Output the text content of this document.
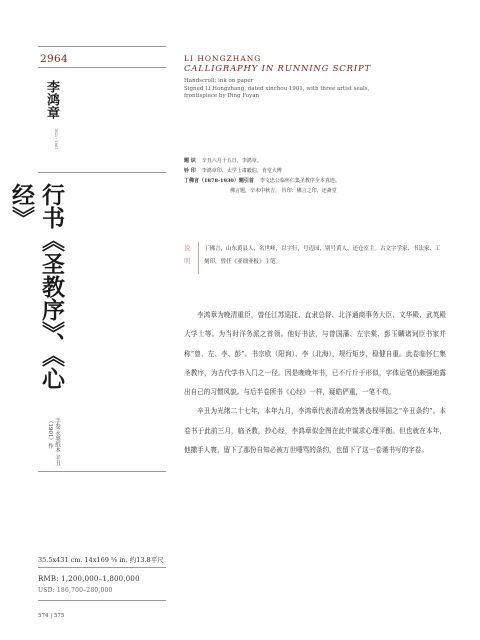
2964
李鸿章
1823 - 1901
行书《圣教序》、《心经》
手卷 水墨纸本 辛丑（1901）作
35.5x431 cm. 14x169 ⅝ in. 约13.8平尺
RMB: 1,200,000–1,800,000
USD: 186,700–280,000
574 | 575
LI HONGZHANG
CALLIGRAPHY IN RUNNING SCRIPT
Handscroll; ink on paper
Signed Li Hongzhang, dated xinchou 1901, with three artist seals,
frontispiece by Ding Foyan
题 识 辛丑六月十五日，李鸿章。
钤 印 李鸿章印、太学士肃毅伯、肯堂大傅
丁佛言（1878-1930）题引首 李文忠公临怀仁集圣教序全本真迹。
佛言题，辛未中秋吉。 钤印：佛言之印、还斋堂
说明
丁佛言，山东黄县人，名世峄，以字行，号迈园、别号黄人、还仓室主。古文字学家、书法家、工刻印，曾任《亚细亚报》主笔。

李鸿章为晚清重臣，曾任江苏巡抚、直隶总督、北洋通商事务大臣、文华殿、武英殿大学士等。为当时洋务派之首领。他好书法，与曾国藩、左宗棠、彭玉麟诸词臣书家并称“曾、左、李、彭”。书宗欧（阳询）、李（北海），规行矩步，稳健自重。此卷临怀仁集圣教序，为古代学书入门之一径。因是晚晚年书，已不斤斤于形似，字体运笔仍颇强地露出自己的习惯风貌。与后半卷所书《心经》一样，疑皓俨重，一笔不苟。

辛丑为光绪二十七年，本年九月，李鸿章代表清政府签署丧权辱国之“辛丑条约”。本卷书于此前三月，临圣教，抄心经，李鸿章似企图在此中谋求心理平衡。但也就在本年，他撒手人寰，留下了那份自知必被万世唾骂的条约，也留下了这一卷谨书写的字卷。
